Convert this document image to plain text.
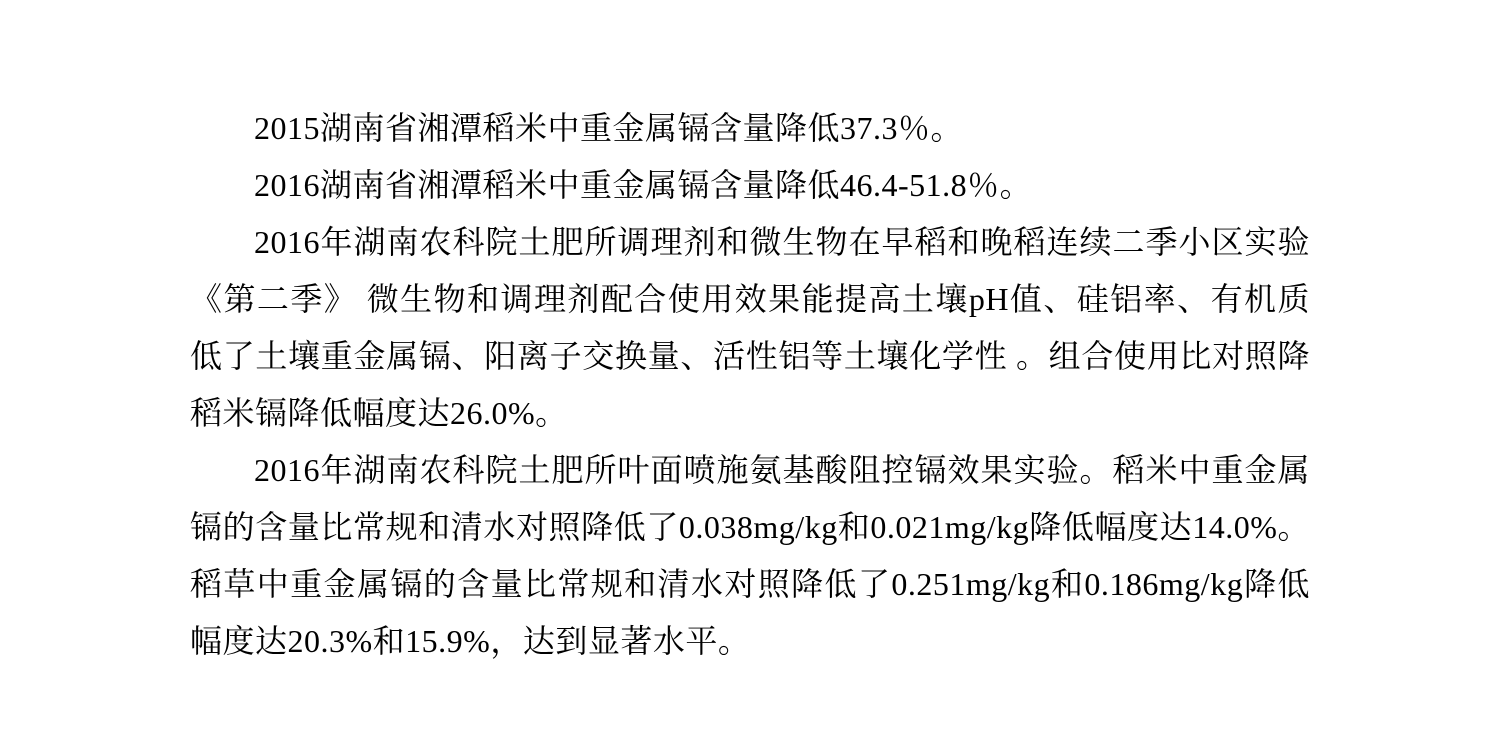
2015湖南省湘潭稻米中重金属镉含量降低37.3％。
2016湖南省湘潭稻米中重金属镉含量降低46.4-51.8％。
2016年湖南农科院土肥所调理剂和微生物在早稻和晚稻连续二季小区实验
《第二季》 微生物和调理剂配合使用效果能提高土壤pH值、硅铝率、有机质
低了土壤重金属镉、阳离子交换量、活性铝等土壤化学性 。组合使用比对照降
稻米镉降低幅度达26.0%。
2016年湖南农科院土肥所叶面喷施氨基酸阻控镉效果实验。稻米中重金属
镉的含量比常规和清水对照降低了0.038mg/kg和0.021mg/kg降低幅度达14.0%。
稻草中重金属镉的含量比常规和清水对照降低了0.251mg/kg和0.186mg/kg降低
幅度达20.3%和15.9%，达到显著水平。
